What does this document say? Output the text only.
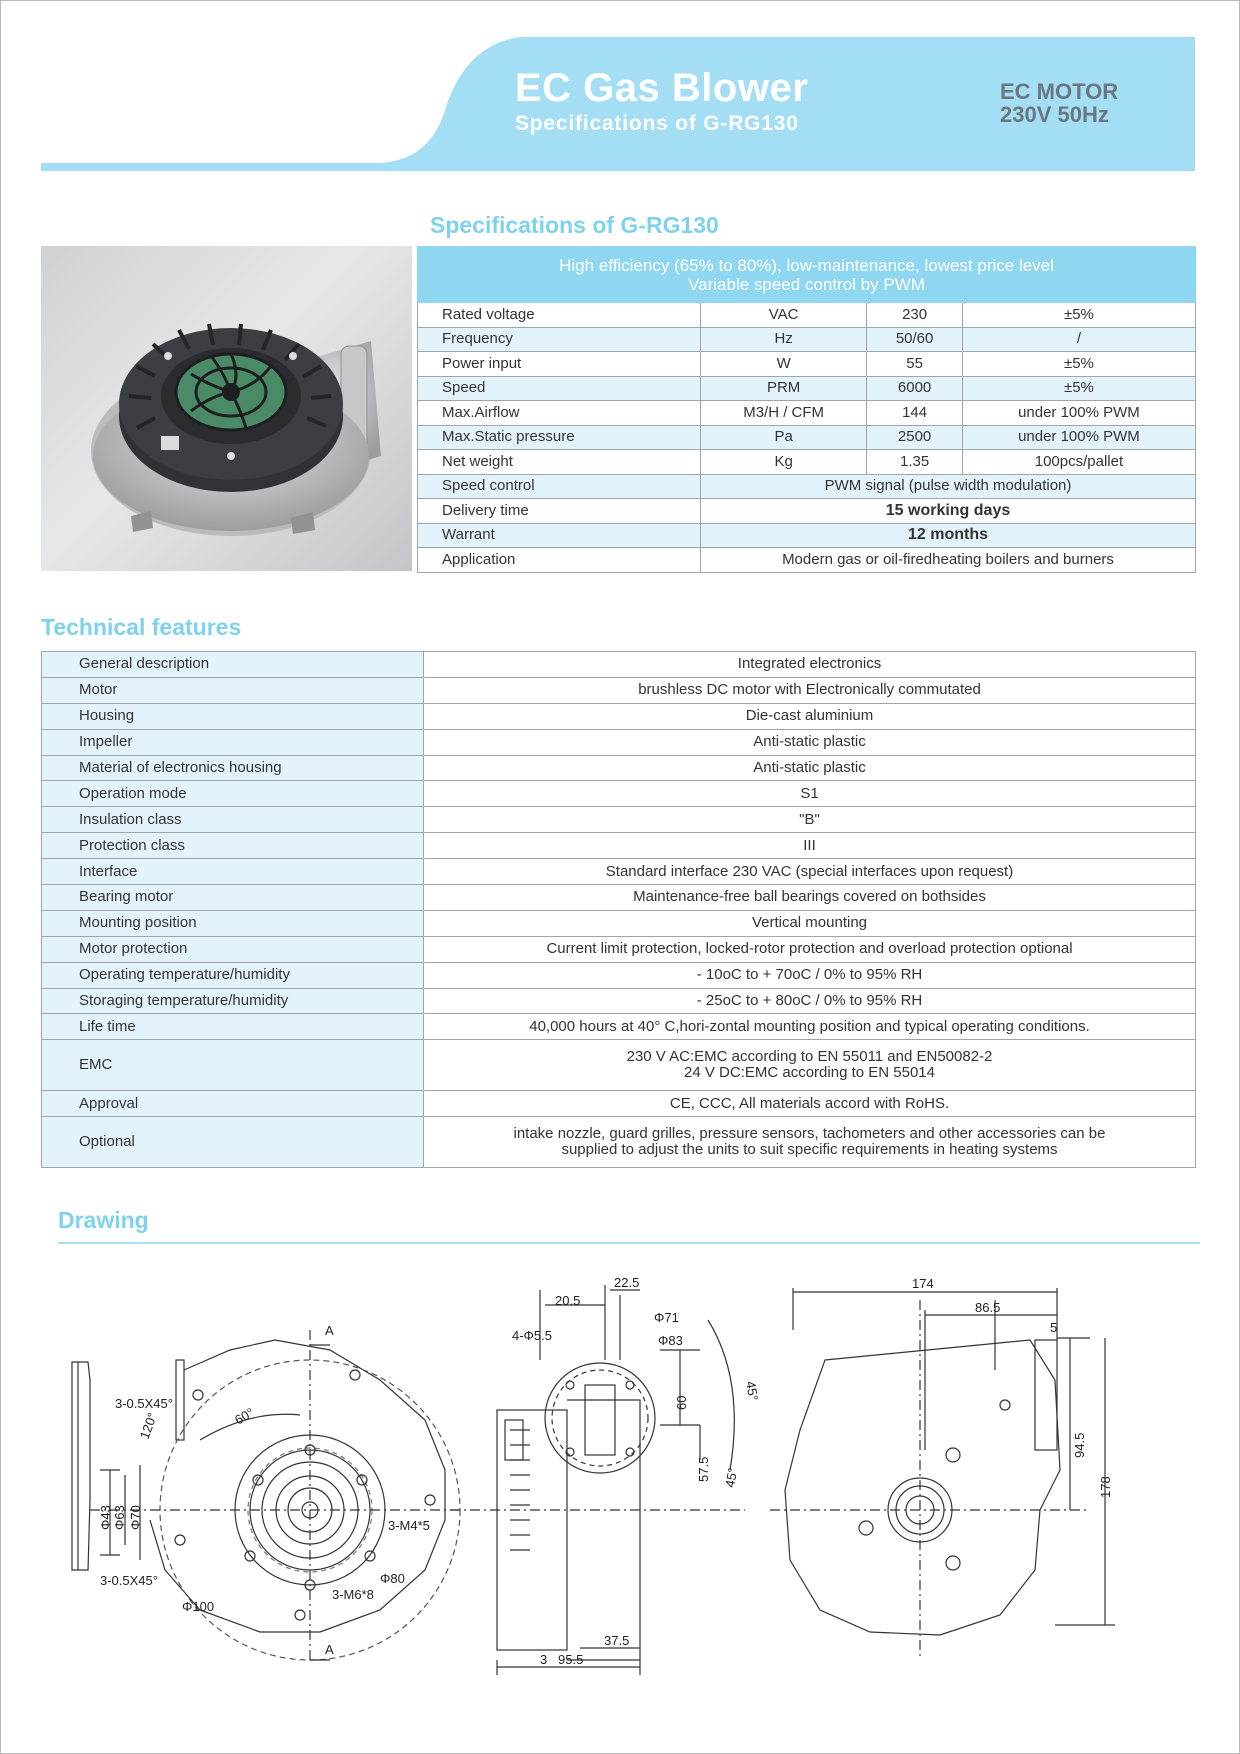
EC Gas Blower
Specifications of G-RG130
EC MOTOR
230V 50Hz
Specifications of G-RG130
High efficiency (65% to 80%), low-maintenance, lowest price level
Variable speed control by PWM			

Rated voltage	VAC	230	±5%
Frequency	Hz	50/60	/
Power input	W	55	±5%
Speed	PRM	6000	±5%
Max.Airflow	M3/H / CFM	144	under 100% PWM
Max.Static pressure	Pa	2500	under 100% PWM
Net weight	Kg	1.35	100pcs/pallet
Speed control	PWM signal (pulse width modulation)		
Delivery time	15 working days		
Warrant	12 months		
Application	Modern gas or oil-firedheating boilers and burners		
Technical features
General description	Integrated electronics
Motor	brushless DC motor with Electronically commutated
Housing	Die-cast aluminium
Impeller	Anti-static plastic
Material of electronics housing	Anti-static plastic
Operation mode	S1
Insulation class	"B"
Protection class	III
Interface	Standard interface 230 VAC (special interfaces upon request)
Bearing motor	Maintenance-free ball bearings covered on bothsides
Mounting position	Vertical mounting
Motor protection	Current limit protection, locked-rotor protection and overload protection optional
Operating temperature/humidity	- 10oC to + 70oC / 0% to 95% RH
Storaging temperature/humidity	- 25oC to + 80oC / 0% to 95% RH
Life time	40,000 hours at 40° C,hori-zontal mounting position and typical operating conditions.
EMC	230 V AC:EMC according to EN 55011 and EN50082-2
24 V DC:EMC according to EN 55014

Approval	CE, CCC, All materials accord with RoHS.
Optional	intake nozzle, guard grilles, pressure sensors, tachometers and other accessories can be
supplied to adjust the units to suit specific requirements in heating systems
Drawing
A
A
3-0.5X45°
3-0.5X45°
120°	60°
Φ43 Φ63 Φ70
Φ100
Φ80
3-M4*5
3-M6*8
22.5
20.5
Φ71
Φ83
4-Φ5.5
45°
45°
60
57.5
37.5
95.5
3
174
86.5
5
94.5
178
